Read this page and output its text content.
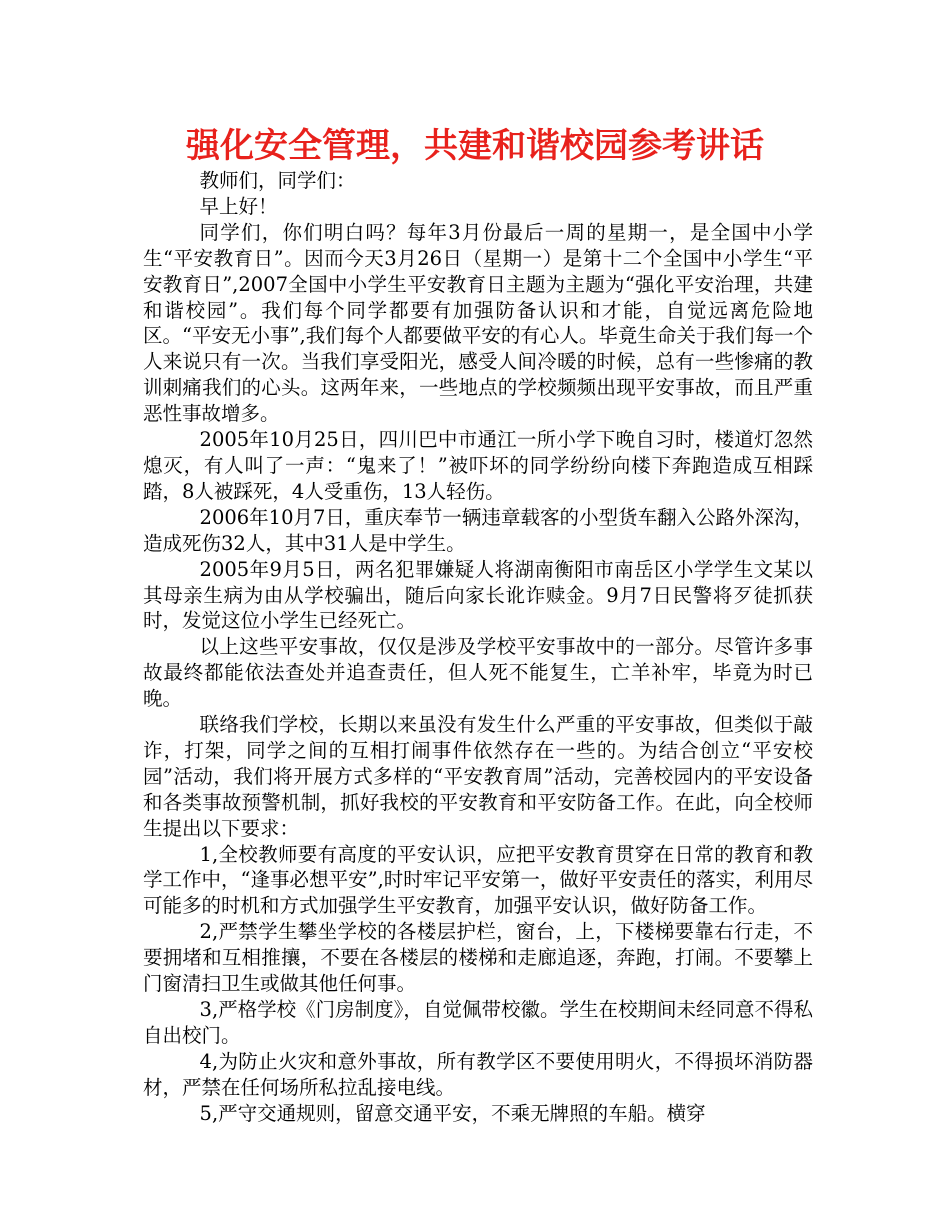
强化安全管理，共建和谐校园参考讲话

教师们，同学们：

早上好！

同学们，你们明白吗？每年3月份最后一周的星期一，是全国中小学生“平安教育日”。因而今天3月26日（星期一）是第十二个全国中小学生“平安教育日”,2007全国中小学生平安教育日主题为主题为“强化平安治理，共建和谐校园”。我们每个同学都要有加强防备认识和才能，自觉远离危险地区。“平安无小事”,我们每个人都要做平安的有心人。毕竟生命关于我们每一个人来说只有一次。当我们享受阳光，感受人间冷暖的时候，总有一些惨痛的教训刺痛我们的心头。这两年来，一些地点的学校频频出现平安事故，而且严重恶性事故增多。

2005年10月25日，四川巴中市通江一所小学下晚自习时，楼道灯忽然熄灭，有人叫了一声：“鬼来了！”被吓坏的同学纷纷向楼下奔跑造成互相踩踏，8人被踩死，4人受重伤，13人轻伤。

2006年10月7日，重庆奉节一辆违章载客的小型货车翻入公路外深沟，造成死伤32人，其中31人是中学生。

2005年9月5日，两名犯罪嫌疑人将湖南衡阳市南岳区小学学生文某以其母亲生病为由从学校骗出，随后向家长讹诈赎金。9月7日民警将歹徒抓获时，发觉这位小学生已经死亡。

以上这些平安事故，仅仅是涉及学校平安事故中的一部分。尽管许多事故最终都能依法查处并追查责任，但人死不能复生，亡羊补牢，毕竟为时已晚。

联络我们学校，长期以来虽没有发生什么严重的平安事故，但类似于敲诈，打架，同学之间的互相打闹事件依然存在一些的。为结合创立“平安校园”活动，我们将开展方式多样的“平安教育周”活动，完善校园内的平安设备和各类事故预警机制，抓好我校的平安教育和平安防备工作。在此，向全校师生提出以下要求：

1,全校教师要有高度的平安认识，应把平安教育贯穿在日常的教育和教学工作中，“逢事必想平安”,时时牢记平安第一，做好平安责任的落实，利用尽可能多的时机和方式加强学生平安教育，加强平安认识，做好防备工作。

2,严禁学生攀坐学校的各楼层护栏，窗台，上，下楼梯要靠右行走，不要拥堵和互相推攘，不要在各楼层的楼梯和走廊追逐，奔跑，打闹。不要攀上门窗清扫卫生或做其他任何事。

3,严格学校《门房制度》，自觉佩带校徽。学生在校期间未经同意不得私自出校门。

4,为防止火灾和意外事故，所有教学区不要使用明火，不得损坏消防器材，严禁在任何场所私拉乱接电线。

5,严守交通规则，留意交通平安，不乘无牌照的车船。横穿
